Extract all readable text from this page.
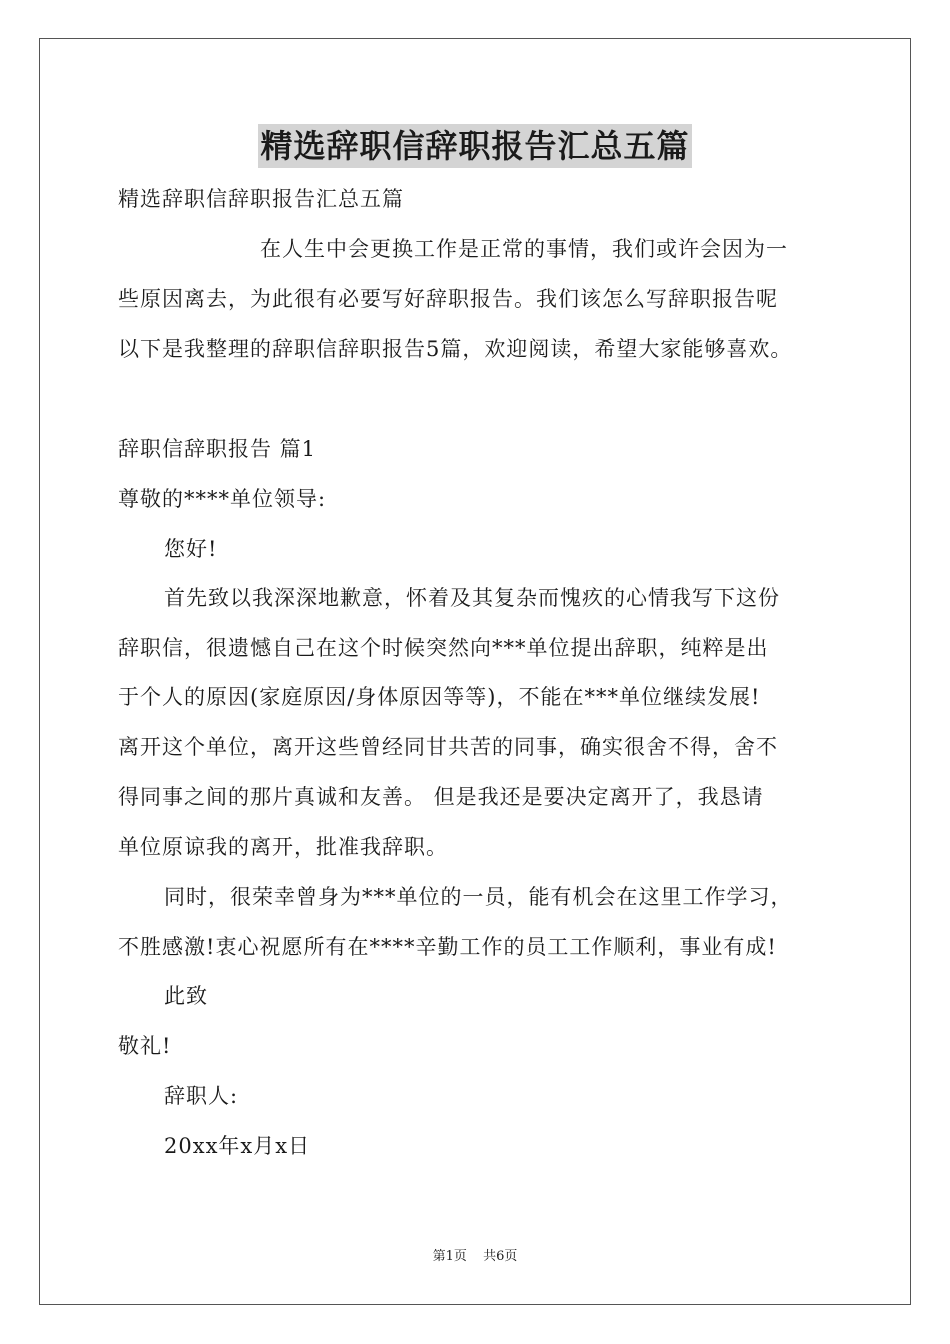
精选辞职信辞职报告汇总五篇
精选辞职信辞职报告汇总五篇
在人生中会更换工作是正常的事情，我们或许会因为一
些原因离去，为此很有必要写好辞职报告。我们该怎么写辞职报告呢
以下是我整理的辞职信辞职报告5篇，欢迎阅读，希望大家能够喜欢。
辞职信辞职报告 篇1
尊敬的****单位领导:
您好!
首先致以我深深地歉意，怀着及其复杂而愧疚的心情我写下这份
辞职信，很遗憾自己在这个时候突然向***单位提出辞职，纯粹是出
于个人的原因(家庭原因/身体原因等等)，不能在***单位继续发展!
离开这个单位，离开这些曾经同甘共苦的同事，确实很舍不得，舍不
得同事之间的那片真诚和友善。 但是我还是要决定离开了，我恳请
单位原谅我的离开，批准我辞职。
同时，很荣幸曾身为***单位的一员，能有机会在这里工作学习，
不胜感激!衷心祝愿所有在****辛勤工作的员工工作顺利，事业有成!
此致
敬礼!
辞职人:
20xx年x月x日
第1页 共6页
